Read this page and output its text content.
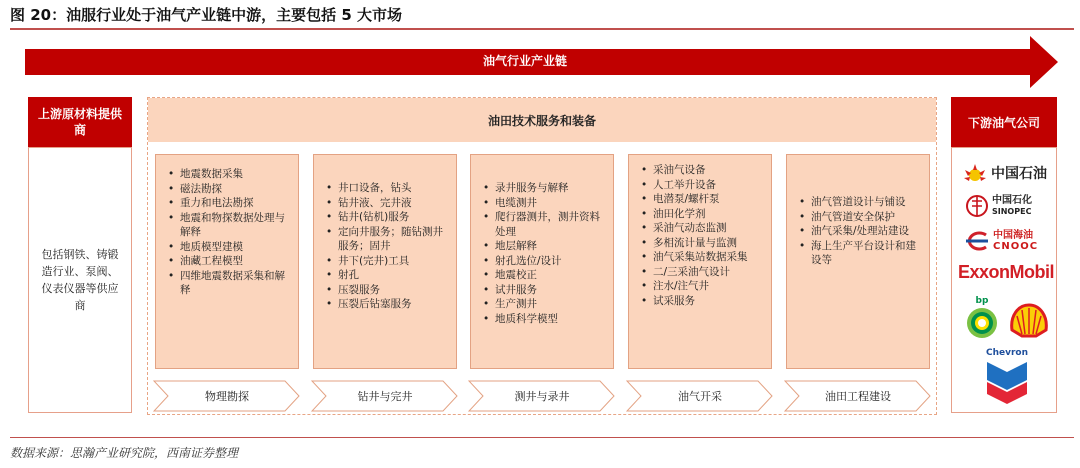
图 20：油服行业处于油气产业链中游，主要包括 5 大市场
油气行业产业链
上游原材料提供商
包括钢铁、铸锻造行业、泵阀、仪表仪器等供应商
油田技术服务和装备
• 地震数据采集
• 磁法勘探
• 重力和电法勘探
• 地震和物探数据处理与解释
• 地质模型建模
• 油藏工程模型
• 四维地震数据采集和解释
• 井口设备，钻头
• 钻井液、完井液
• 钻井(钻机)服务
• 定向井服务；随钻测井服务；固井
• 井下(完井)工具
• 射孔
• 压裂服务
• 压裂后钻塞服务
• 录井服务与解释
• 电缆测井
• 爬行器测井，测井资料处理
• 地层解释
• 射孔选位/设计
• 地震校正
• 试井服务
• 生产测井
• 地质科学模型
• 采油气设备
• 人工举升设备
• 电潜泵/螺杆泵
• 油田化学剂
• 采油气动态监测
• 多相流计量与监测
• 油气采集站数据采集
• 二/三采油气设计
• 注水/注气井
• 试采服务
• 油气管道设计与铺设
• 油气管道安全保护
• 油气采集/处理站建设
• 海上生产平台设计和建设等
物理勘探	钻井与完井	测井与录井	油气开采	油田工程建设
下游油气公司
中国石油
中国石化
SINOPEC
中国海油
CNOOC
ExxonMobil
bp
Chevron
数据来源：思瀚产业研究院，西南证券整理
